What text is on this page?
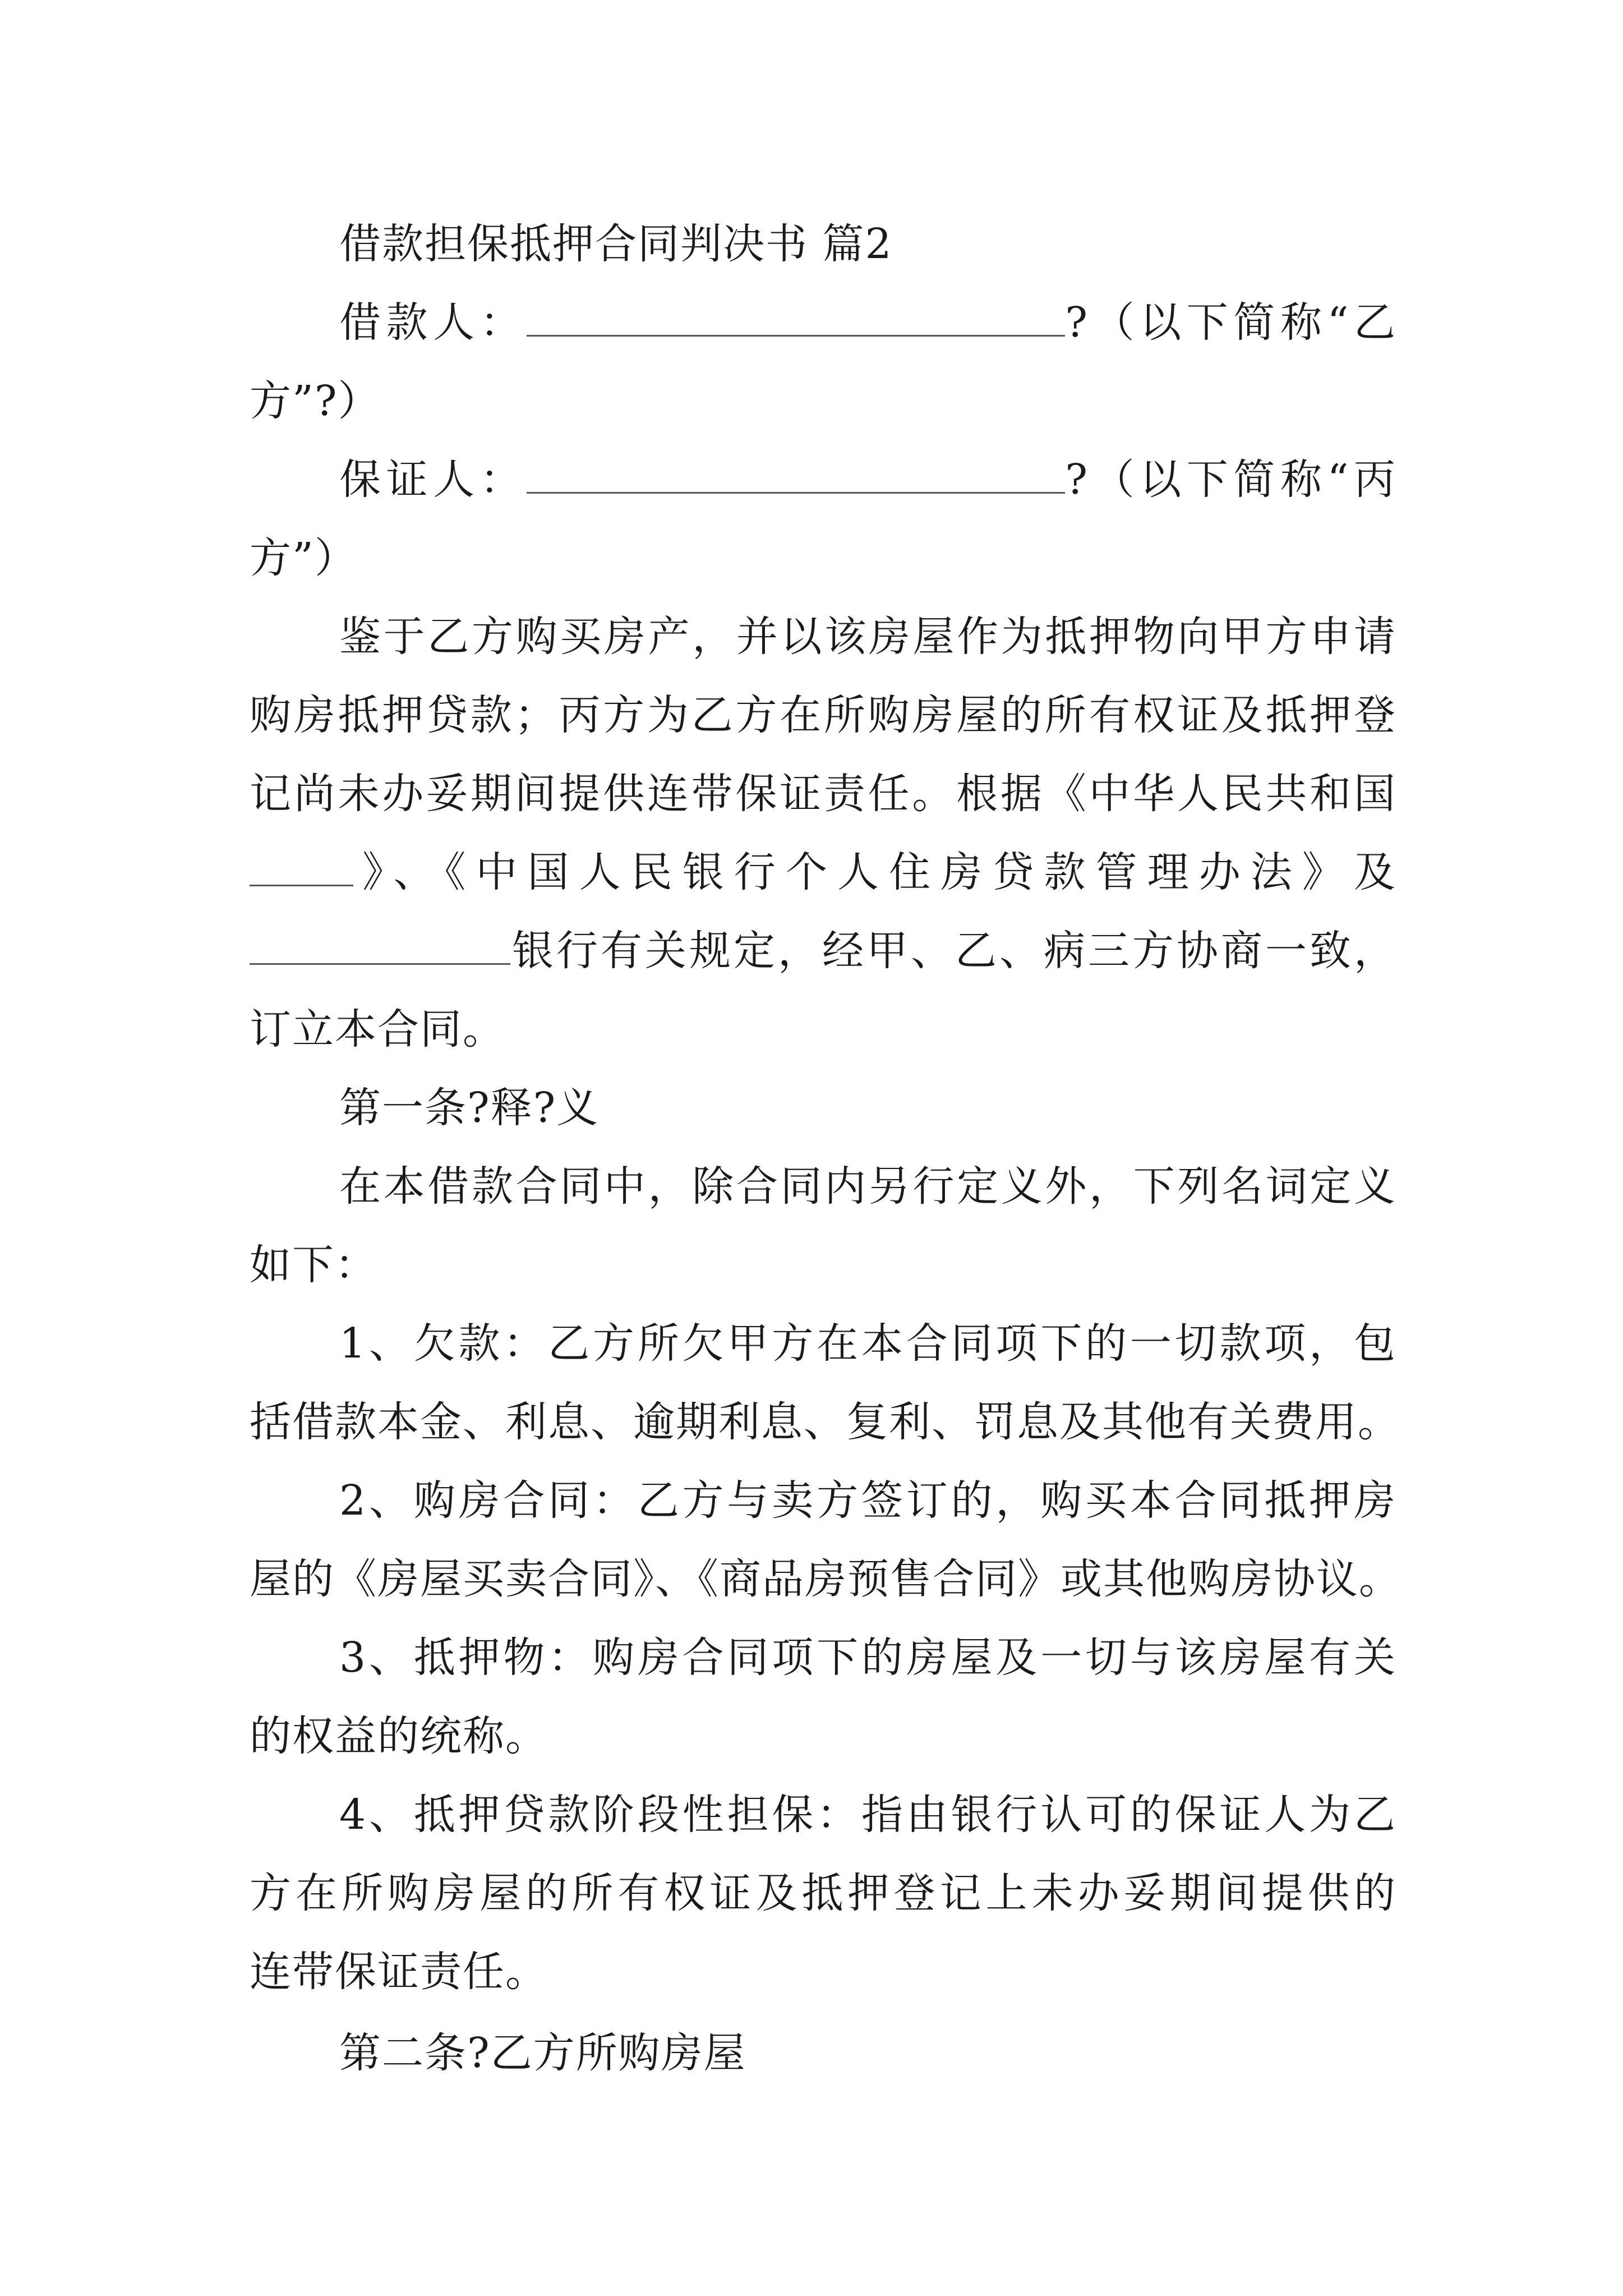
借款担保抵押合同判决书 篇2
借款人：	?（以下简称“乙
方”?）
保证人：	?（以下简称“丙
方”）
鉴于乙方购买房产，并以该房屋作为抵押物向甲方申请
购房抵押贷款；丙方为乙方在所购房屋的所有权证及抵押登
记尚未办妥期间提供连带保证责任。根据《中华人民共和国
》、《中国人民银行个人住房贷款管理办法》及
银行有关规定，经甲、乙、病三方协商一致，
订立本合同。
第一条?释?义
在本借款合同中，除合同内另行定义外，下列名词定义
如下：
1、欠款：乙方所欠甲方在本合同项下的一切款项，包
括借款本金、利息、逾期利息、复利、罚息及其他有关费用。
2、购房合同：乙方与卖方签订的，购买本合同抵押房
屋的《房屋买卖合同》、《商品房预售合同》或其他购房协议。
3、抵押物：购房合同项下的房屋及一切与该房屋有关
的权益的统称。
4、抵押贷款阶段性担保：指由银行认可的保证人为乙
方在所购房屋的所有权证及抵押登记上未办妥期间提供的
连带保证责任。
第二条?乙方所购房屋
